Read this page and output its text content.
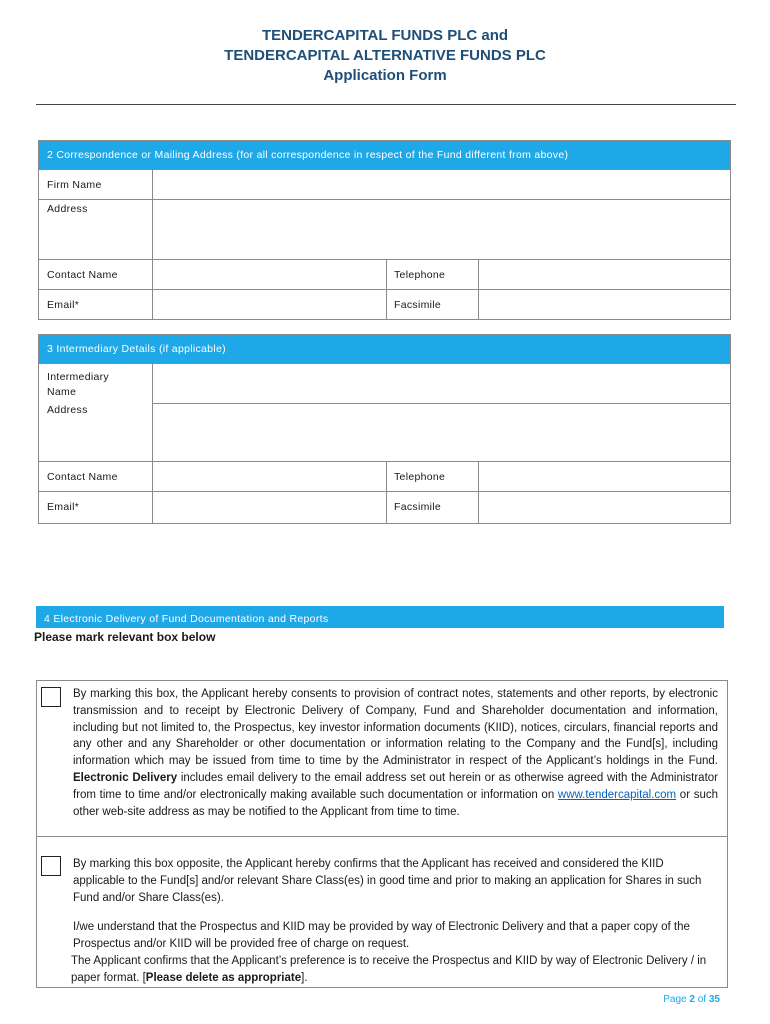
TENDERCAPITAL FUNDS PLC and
TENDERCAPITAL ALTERNATIVE FUNDS PLC
Application Form
2 Correspondence or Mailing Address (for all correspondence in respect of the Fund different from above)
Firm Name
Address
Contact Name	Telephone
Email*	Facsimile
3 Intermediary Details (if applicable)
Intermediary Name
Address
Contact Name	Telephone
Email*	Facsimile
4 Electronic Delivery of Fund Documentation and Reports
Please mark relevant box below
By marking this box, the Applicant hereby consents to provision of contract notes, statements and other reports, by electronic transmission and to receipt by Electronic Delivery of Company, Fund and Shareholder documentation and information, including but not limited to, the Prospectus, key investor information documents (KIID), notices, circulars, financial reports and any other and any Shareholder or other documentation or information relating to the Company and the Fund[s], including information which may be issued from time to time by the Administrator in respect of the Applicant’s holdings in the Fund. Electronic Delivery includes email delivery to the email address set out herein or as otherwise agreed with the Administrator from time to time and/or electronically making available such documentation or information on www.tendercapital.com or such other web-site address as may be notified to the Applicant from time to time.
By marking this box opposite, the Applicant hereby confirms that the Applicant has received and considered the KIID applicable to the Fund[s] and/or relevant Share Class(es) in good time and prior to making an application for Shares in such Fund and/or Share Class(es).
I/we understand that the Prospectus and KIID may be provided by way of Electronic Delivery and that a paper copy of the Prospectus and/or KIID will be provided free of charge on request.
The Applicant confirms that the Applicant’s preference is to receive the Prospectus and KIID by way of Electronic Delivery / in paper format. [Please delete as appropriate].
Page 2 of 35
